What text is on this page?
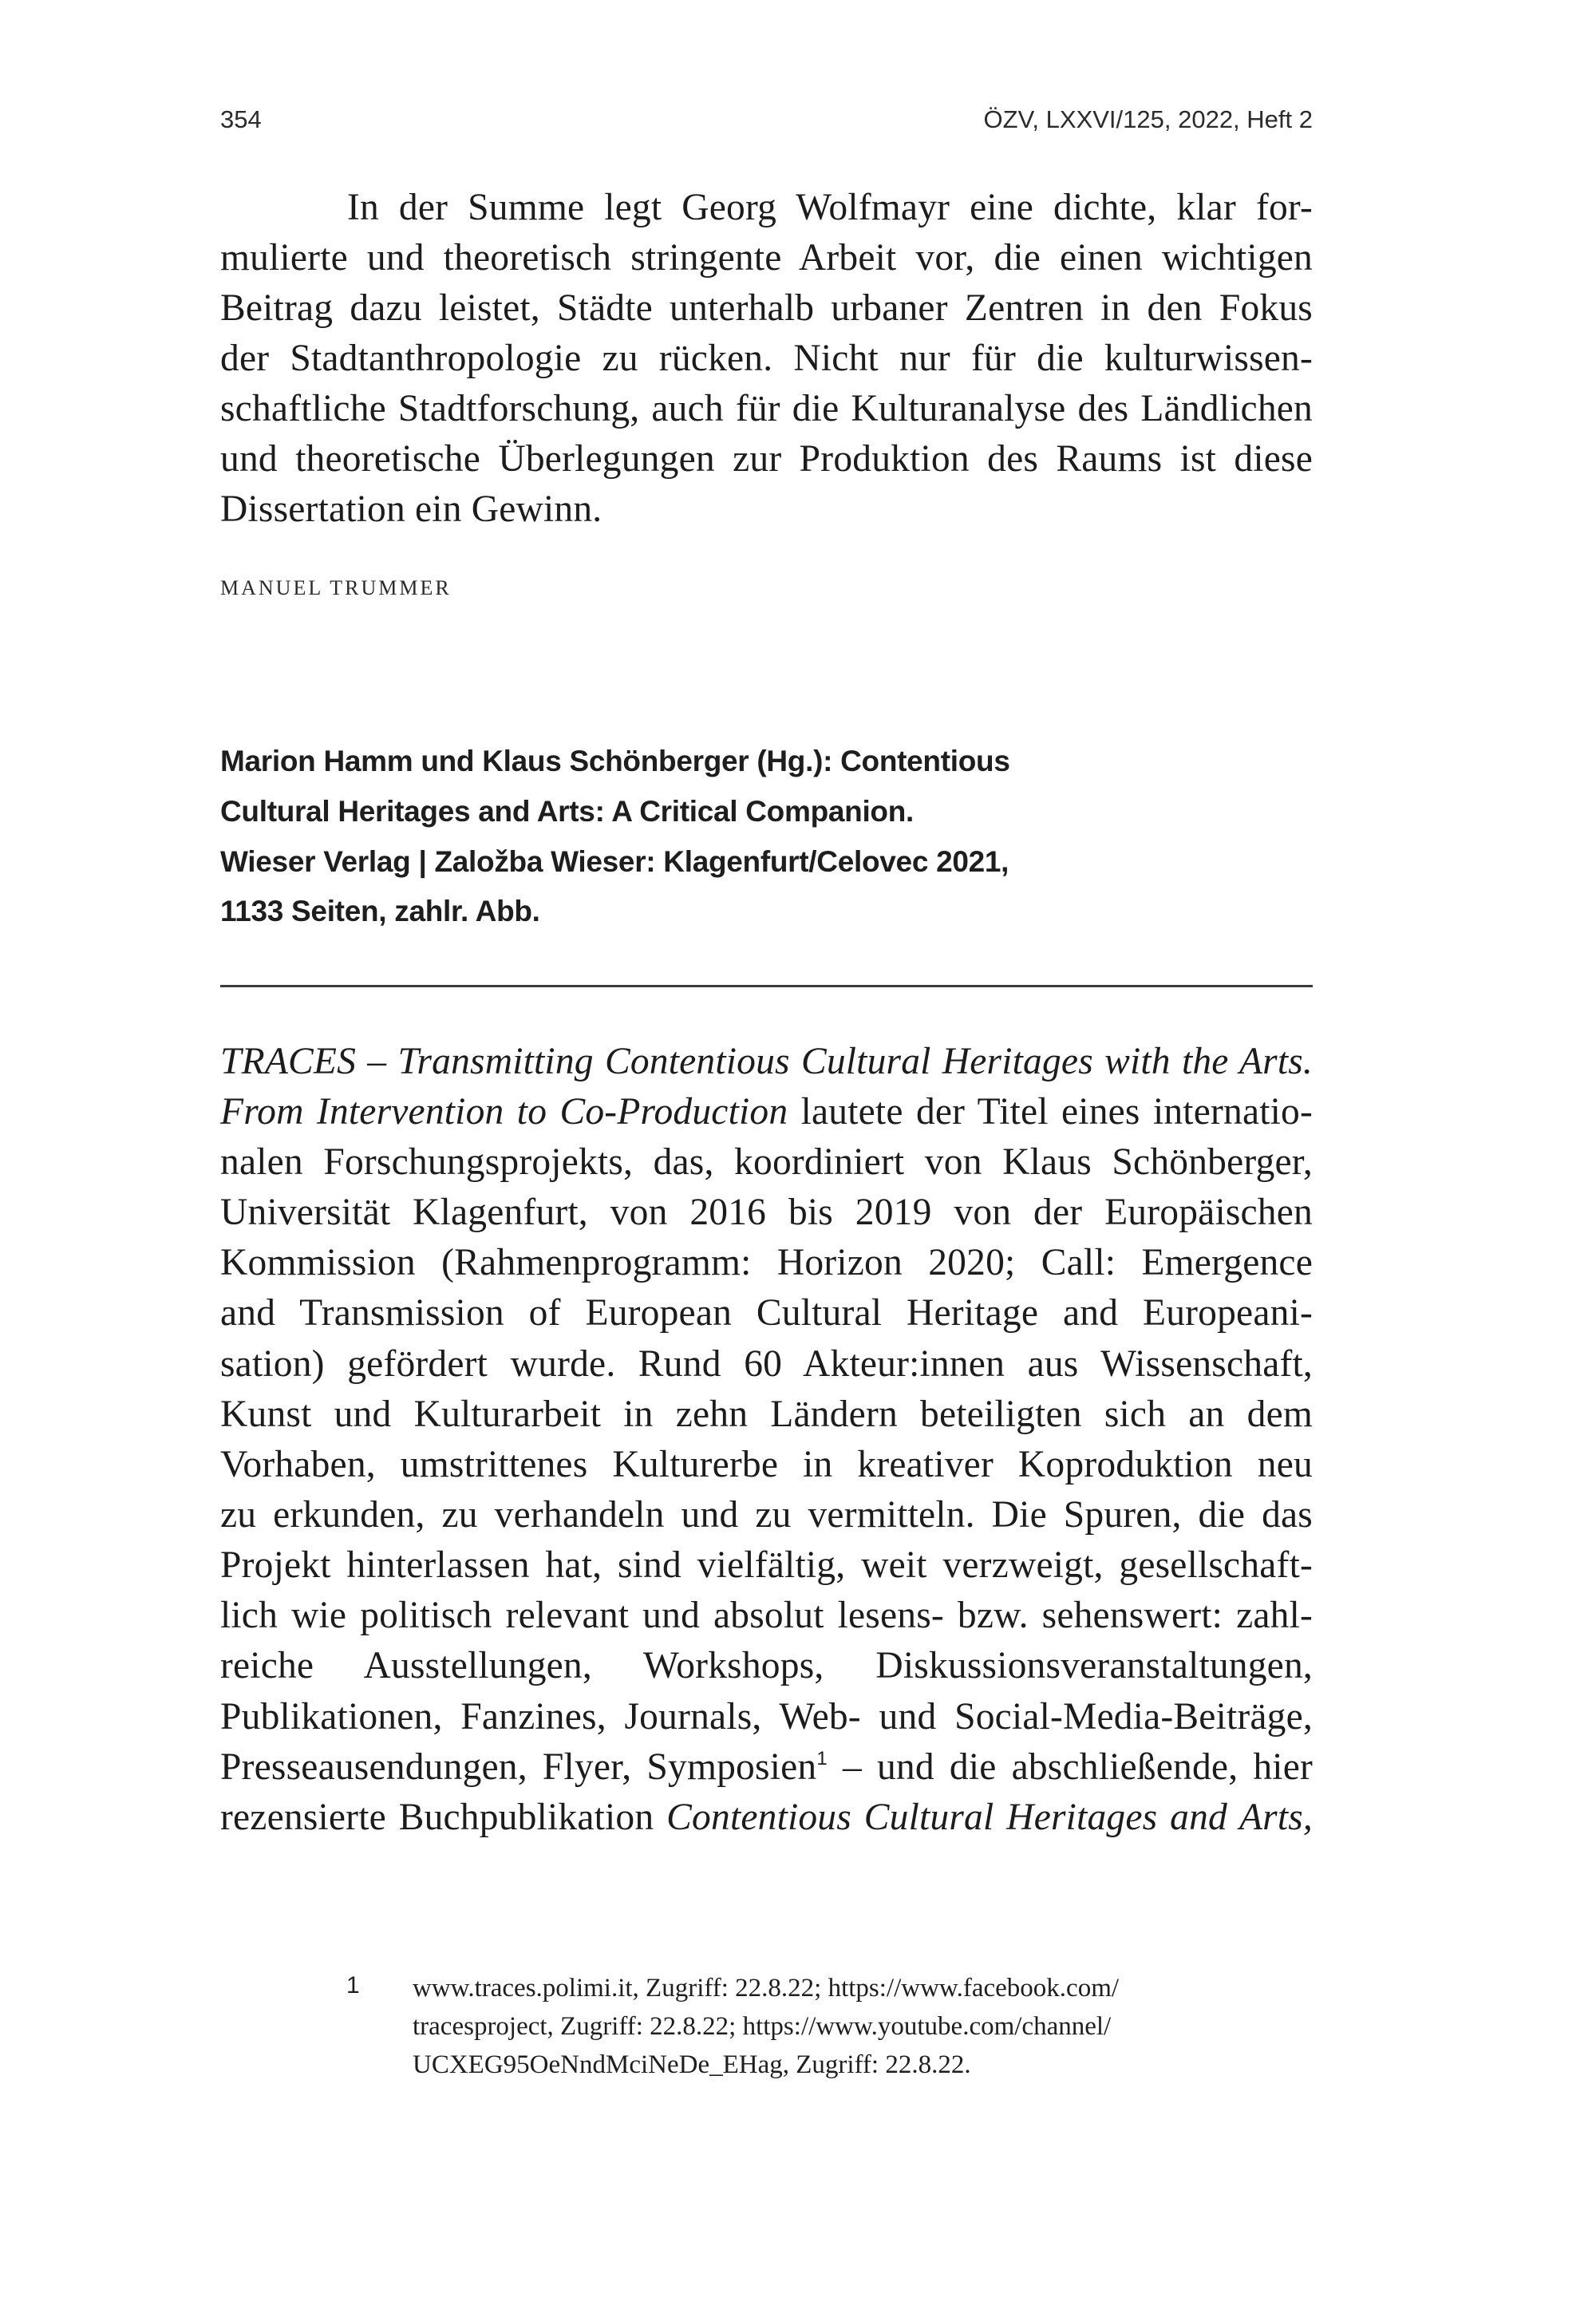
354	ÖZV, LXXVI/125, 2022, Heft 2
In der Summe legt Georg Wolfmayr eine dichte, klar for-
mulierte und theoretisch stringente Arbeit vor, die einen wichtigen
Beitrag dazu leistet, Städte unterhalb urbaner Zentren in den Fokus
der Stadtanthropologie zu rücken. Nicht nur für die kulturwissen-
schaftliche Stadtforschung, auch für die Kulturanalyse des Ländlichen
und theoretische Überlegungen zur Produktion des Raums ist diese
Dissertation ein Gewinn.
MANUEL TRUMMER
Marion Hamm und Klaus Schönberger (Hg.): Contentious
Cultural Heritages and Arts: A Critical Companion.
Wieser Verlag | Založba Wieser: Klagenfurt/Celovec 2021,
1133 Seiten, zahlr. Abb.
TRACES – Transmitting Contentious Cultural Heritages with the Arts.
From Intervention to Co-Production lautete der Titel eines internatio-
nalen Forschungsprojekts, das, koordiniert von Klaus Schönberger,
Universität Klagenfurt, von 2016 bis 2019 von der Europäischen
Kommission (Rahmenprogramm: Horizon 2020; Call: Emergence
and Transmission of European Cultural Heritage and Europeani-
sation) gefördert wurde. Rund 60 Akteur:innen aus Wissenschaft,
Kunst und Kulturarbeit in zehn Ländern beteiligten sich an dem
Vorhaben, umstrittenes Kulturerbe in kreativer Koproduktion neu
zu erkunden, zu verhandeln und zu vermitteln. Die Spuren, die das
Projekt hinterlassen hat, sind vielfältig, weit verzweigt, gesellschaft-
lich wie politisch relevant und absolut lesens- bzw. sehenswert: zahl-
reiche Ausstellungen, Workshops, Diskussionsveranstaltungen,
Publikationen, Fanzines, Journals, Web- und Social-Media-Beiträge,
Presseausendungen, Flyer, Symposien$^1$ – und die abschließende, hier
rezensierte Buchpublikation Contentious Cultural Heritages and Arts,
1 www.traces.polimi.it, Zugriff: 22.8.22; https://www.facebook.com/
tracesproject, Zugriff: 22.8.22; https://www.youtube.com/channel/
UCXEG95OeNndMciNeDe_EHag, Zugriff: 22.8.22.
